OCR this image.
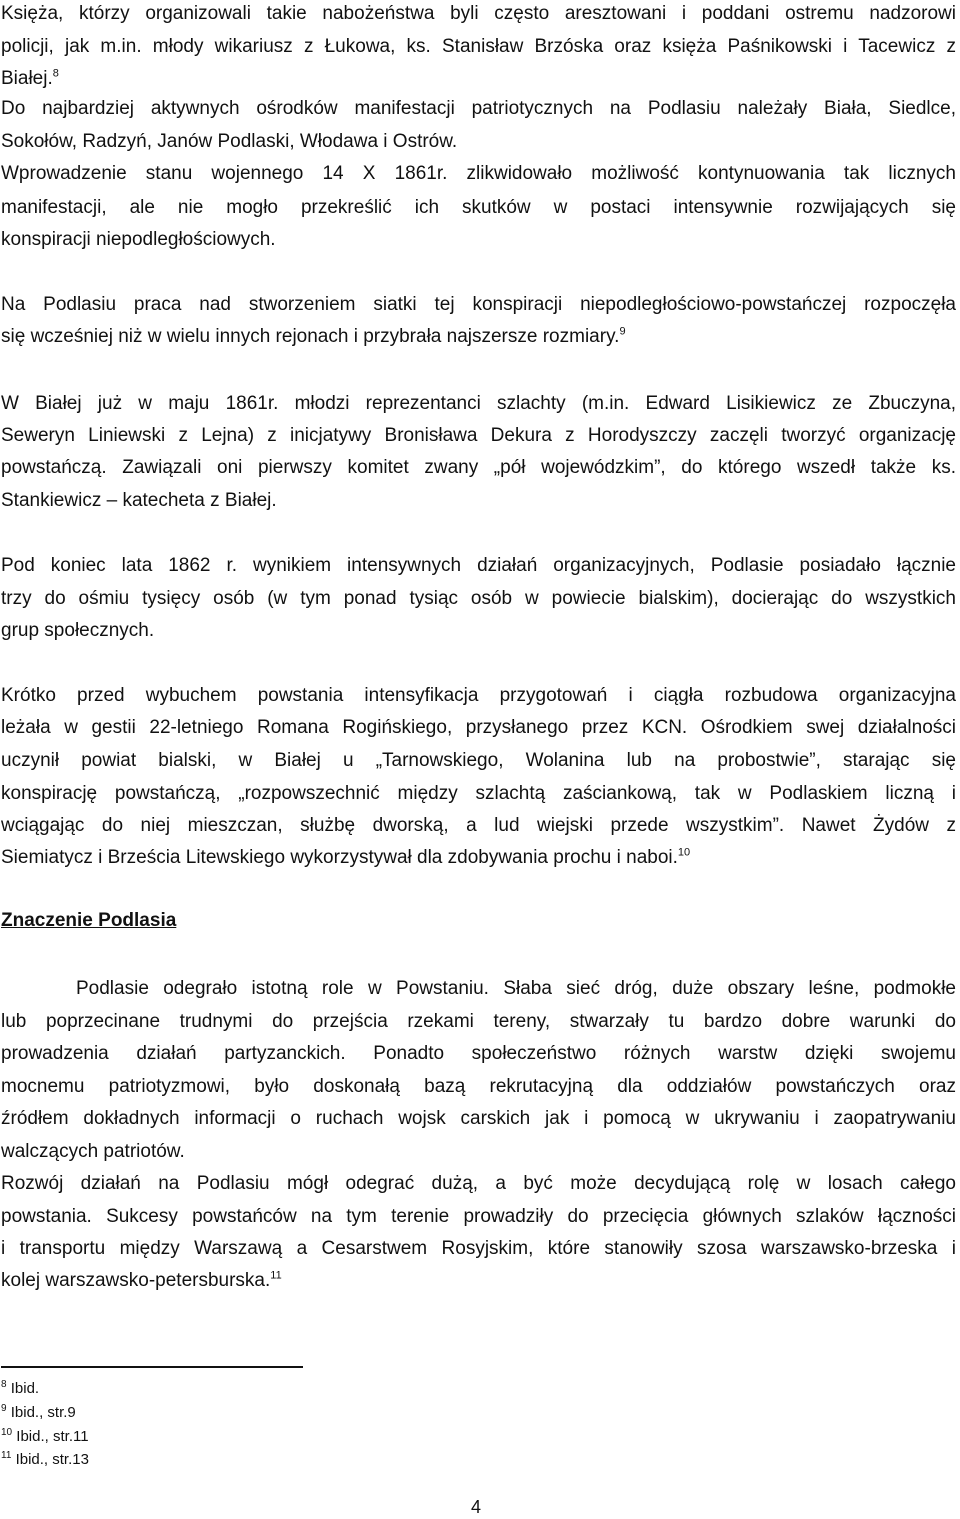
Księża, którzy organizowali takie nabożeństwa byli często aresztowani i poddani ostremu nadzorowi
policji, jak m.in. młody wikariusz z Łukowa, ks. Stanisław Brzóska oraz księża Paśnikowski i Tacewicz z
Białej.$^8$
Do najbardziej aktywnych ośrodków manifestacji patriotycznych na Podlasiu należały Biała, Siedlce,
Sokołów, Radzyń, Janów Podlaski, Włodawa i Ostrów.
Wprowadzenie stanu wojennego 14 X 1861r. zlikwidowało możliwość kontynuowania tak licznych
manifestacji, ale nie mogło przekreślić ich skutków w postaci intensywnie rozwijających się
konspiracji niepodległościowych.
Na Podlasiu praca nad stworzeniem siatki tej konspiracji niepodległościowo-powstańczej rozpoczęła
się wcześniej niż w wielu innych rejonach i przybrała najszersze rozmiary.$^9$
W Białej już w maju 1861r. młodzi reprezentanci szlachty (m.in. Edward Lisikiewicz ze Zbuczyna,
Seweryn Liniewski z Lejna) z inicjatywy Bronisława Dekura z Horodyszczy zaczęli tworzyć organizację
powstańczą. Zawiązali oni pierwszy komitet zwany „pół wojewódzkim”, do którego wszedł także ks.
Stankiewicz – katecheta z Białej.
Pod koniec lata 1862 r. wynikiem intensywnych działań organizacyjnych, Podlasie posiadało łącznie
trzy do ośmiu tysięcy osób (w tym ponad tysiąc osób w powiecie bialskim), docierając do wszystkich
grup społecznych.
Krótko przed wybuchem powstania intensyfikacja przygotowań i ciągła rozbudowa organizacyjna
leżała w gestii 22-letniego Romana Rogińskiego, przysłanego przez KCN. Ośrodkiem swej działalności
uczynił powiat bialski, w Białej u „Tarnowskiego, Wolanina lub na probostwie”, starając się
konspirację powstańczą, „rozpowszechnić między szlachtą zaściankową, tak w Podlaskiem liczną i
wciągając do niej mieszczan, służbę dworską, a lud wiejski przede wszystkim”. Nawet Żydów z
Siemiatycz i Brześcia Litewskiego wykorzystywał dla zdobywania prochu i naboi.$^{10}$
Znaczenie Podlasia
Podlasie odegrało istotną role w Powstaniu. Słaba sieć dróg, duże obszary leśne, podmokłe
lub poprzecinane trudnymi do przejścia rzekami tereny, stwarzały tu bardzo dobre warunki do
prowadzenia działań partyzanckich. Ponadto społeczeństwo różnych warstw dzięki swojemu
mocnemu patriotyzmowi, było doskonałą bazą rekrutacyjną dla oddziałów powstańczych oraz
źródłem dokładnych informacji o ruchach wojsk carskich jak i pomocą w ukrywaniu i zaopatrywaniu
walczących patriotów.
Rozwój działań na Podlasiu mógł odegrać dużą, a być może decydującą rolę w losach całego
powstania. Sukcesy powstańców na tym terenie prowadziły do przecięcia głównych szlaków łączności
i transportu między Warszawą a Cesarstwem Rosyjskim, które stanowiły szosa warszawsko-brzeska i
kolej warszawsko-petersburska.$^{11}$
$^8$ Ibid.
$^9$ Ibid., str.9
$^{10}$ Ibid., str.11
$^{11}$ Ibid., str.13
4
